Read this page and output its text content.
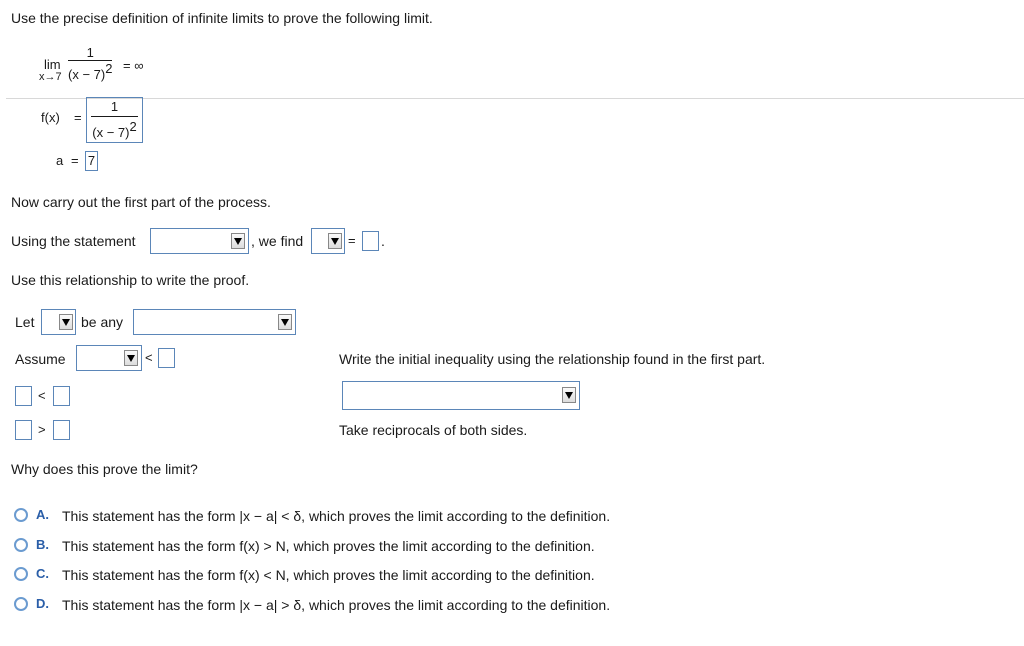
Use the precise definition of infinite limits to prove the following limit.
lim
x→7
1
(x − 7)2 = ∞
f(x) =
1
(x − 7)2
a = 7
Now carry out the first part of the process.
Using the statement	, we find	= .
Use this relationship to write the proof.
Let	be any
Assume	<	Write the initial inequality using the relationship found in the first part.
<
>	Take reciprocals of both sides.
Why does this prove the limit?
A. This statement has the form |x − a| < δ, which proves the limit according to the definition.
B. This statement has the form f(x) > N, which proves the limit according to the definition.
C. This statement has the form f(x) < N, which proves the limit according to the definition.
D. This statement has the form |x − a| > δ, which proves the limit according to the definition.
